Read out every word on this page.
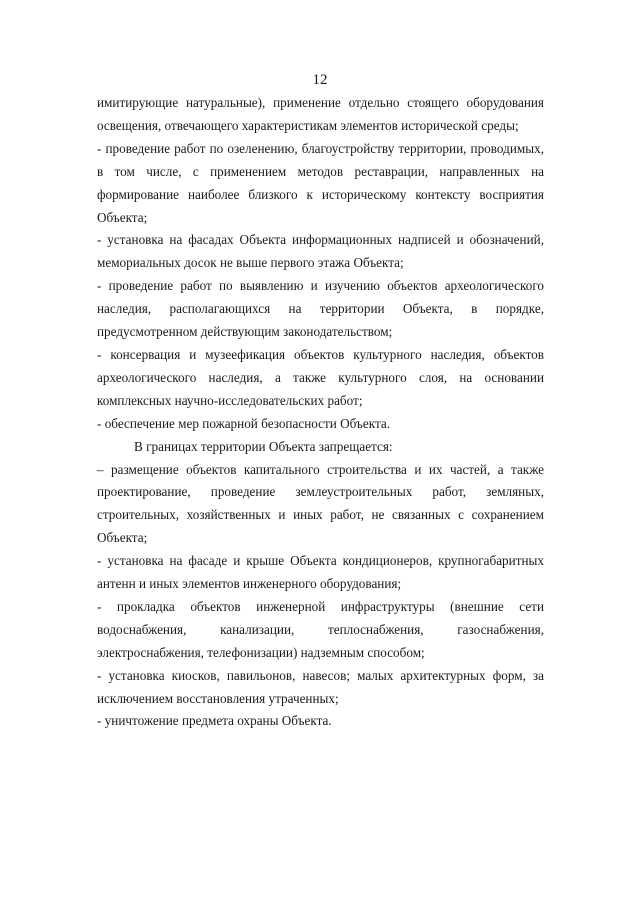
12

имитирующие натуральные), применение отдельно стоящего оборудования освещения, отвечающего характеристикам элементов исторической среды;

- проведение работ по озеленению, благоустройству территории, проводимых, в том числе, с применением методов реставрации, направленных на формирование наиболее близкого к историческому контексту восприятия Объекта;

- установка на фасадах Объекта информационных надписей и обозначений, мемориальных досок не выше первого этажа Объекта;

- проведение работ по выявлению и изучению объектов археологического наследия, располагающихся на территории Объекта, в порядке, предусмотренном действующим законодательством;

- консервация и музеефикация объектов культурного наследия, объектов археологического наследия, а также культурного слоя, на основании комплексных научно-исследовательских работ;

- обеспечение мер пожарной безопасности Объекта.

В границах территории Объекта запрещается:

– размещение объектов капитального строительства и их частей, а также проектирование, проведение землеустроительных работ, земляных, строительных, хозяйственных и иных работ, не связанных с сохранением Объекта;

- установка на фасаде и крыше Объекта кондиционеров, крупногабаритных антенн и иных элементов инженерного оборудования;

- прокладка объектов инженерной инфраструктуры (внешние сети водоснабжения, канализации, теплоснабжения, газоснабжения, электроснабжения, телефонизации) надземным способом;

- установка киосков, павильонов, навесов; малых архитектурных форм, за исключением восстановления утраченных;

- уничтожение предмета охраны Объекта.
